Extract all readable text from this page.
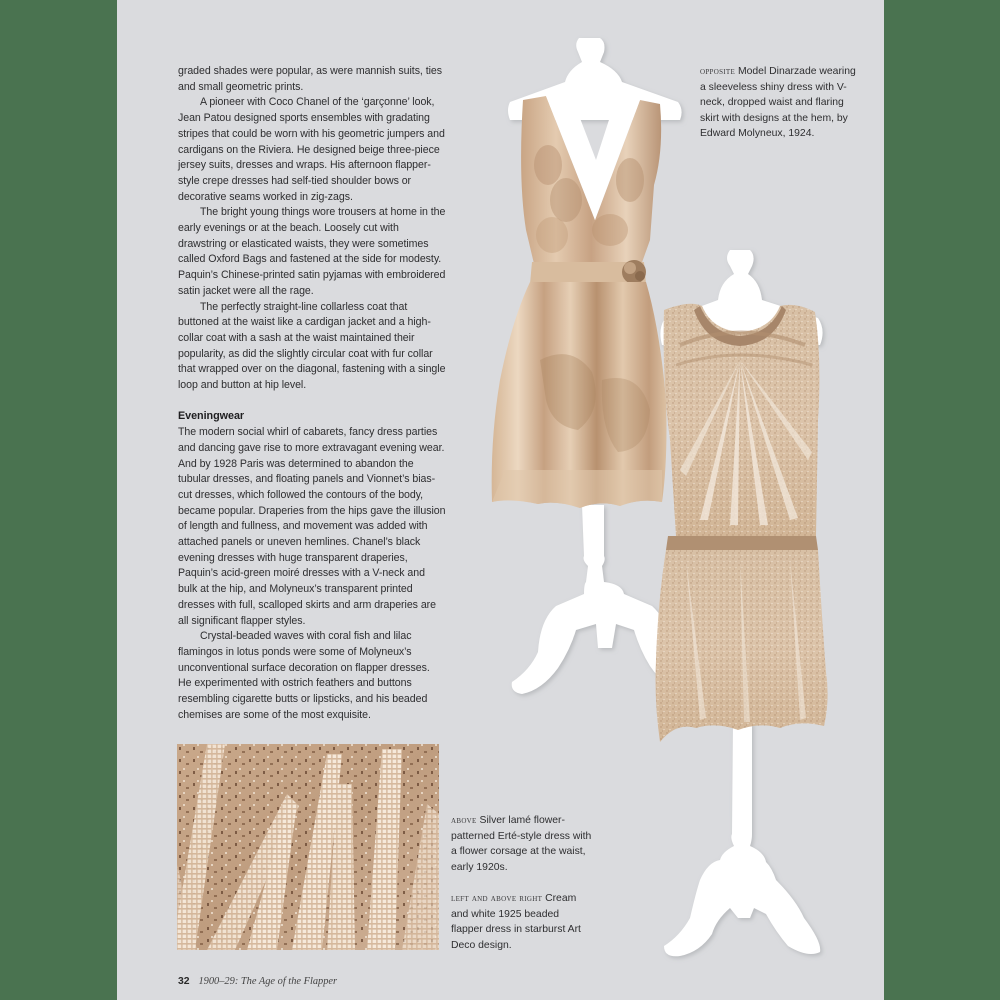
graded shades were popular, as were mannish suits, ties and small geometric prints.

A pioneer with Coco Chanel of the ‘garçonne’ look, Jean Patou designed sports ensembles with gradating stripes that could be worn with his geometric jumpers and cardigans on the Riviera. He designed beige three-piece jersey suits, dresses and wraps. His afternoon flapper-style crepe dresses had self-tied shoulder bows or decorative seams worked in zig-zags.

The bright young things wore trousers at home in the early evenings or at the beach. Loosely cut with drawstring or elasticated waists, they were sometimes called Oxford Bags and fastened at the side for modesty. Paquin’s Chinese-printed satin pyjamas with embroidered satin jacket were all the rage.

The perfectly straight-line collarless coat that buttoned at the waist like a cardigan jacket and a high-collar coat with a sash at the waist maintained their popularity, as did the slightly circular coat with fur collar that wrapped over on the diagonal, fastening with a single loop and button at hip level.

Eveningwear

The modern social whirl of cabarets, fancy dress parties and dancing gave rise to more extravagant evening wear. And by 1928 Paris was determined to abandon the tubular dresses, and floating panels and Vionnet’s bias-cut dresses, which followed the contours of the body, became popular. Draperies from the hips gave the illusion of length and fullness, and movement was added with attached panels or uneven hemlines. Chanel’s black evening dresses with huge transparent draperies, Paquin’s acid-green moiré dresses with a V-neck and bulk at the hip, and Molyneux’s transparent printed dresses with full, scalloped skirts and arm draperies are all significant flapper styles.

Crystal-beaded waves with coral fish and lilac flamingos in lotus ponds were some of Molyneux’s unconventional surface decoration on flapper dresses. He experimented with ostrich feathers and buttons resembling cigarette butts or lipsticks, and his beaded chemises are some of the most exquisite.

opposite Model Dinarzade wearing a sleeveless shiny dress with V-neck, dropped waist and flaring skirt with designs at the hem, by Edward Molyneux, 1924.

above Silver lamé flower-patterned Erté-style dress with a flower corsage at the waist, early 1920s.

left and above right Cream and white 1925 beaded flapper dress in starburst Art Deco design.

32 1900–29: The Age of the Flapper
